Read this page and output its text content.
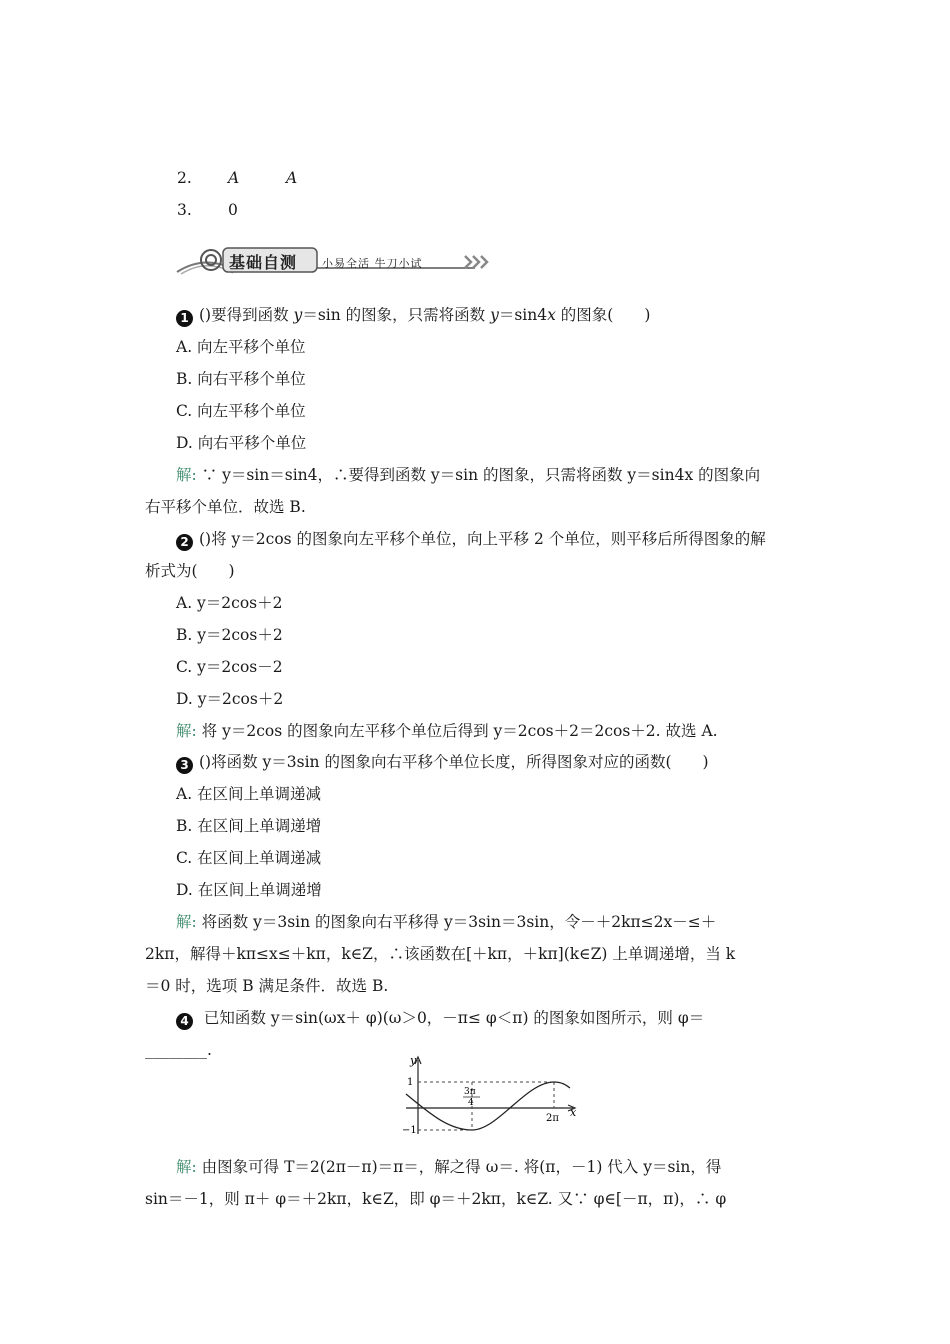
2. A	A
3. 0
基础自测 小易全活 牛刀小试
1 ()要得到函数 y＝sin 的图象，只需将函数 y＝sin4x 的图象(　　)
A. 向左平移个单位
B. 向右平移个单位
C. 向左平移个单位
D. 向右平移个单位
解: ∵ y＝sin＝sin4，∴要得到函数 y＝sin 的图象，只需将函数 y＝sin4x 的图象向
右平移个单位．故选 B.
2 ()将 y＝2cos 的图象向左平移个单位，向上平移 2 个单位，则平移后所得图象的解
析式为(　　)
A. y＝2cos＋2
B. y＝2cos＋2
C. y＝2cos－2
D. y＝2cos＋2
解: 将 y＝2cos 的图象向左平移个单位后得到 y＝2cos＋2＝2cos＋2. 故选 A.
3 ()将函数 y＝3sin 的图象向右平移个单位长度，所得图象对应的函数(　　)
A. 在区间上单调递减
B. 在区间上单调递增
C. 在区间上单调递减
D. 在区间上单调递增
解: 将函数 y＝3sin 的图象向右平移得 y＝3sin＝3sin，令－＋2kπ≤2x－≤＋
2kπ，解得＋kπ≤x≤＋kπ，k∈Z，∴该函数在[＋kπ，＋kπ](k∈Z) 上单调递增，当 k
＝0 时，选项 B 满足条件．故选 B.
4 已知函数 y＝sin(ωx＋ φ)(ω＞0，－π≤ φ＜π) 的图象如图所示，则 φ＝
________.
y
1
−1
3π
4
2π x
解: 由图象可得 T＝2(2π－π)＝π＝，解之得 ω＝. 将(π，－1) 代入 y＝sin，得
sin＝－1，则 π＋ φ＝＋2kπ，k∈Z，即 φ＝＋2kπ，k∈Z. 又∵ φ∈[－π，π)，∴ φ
